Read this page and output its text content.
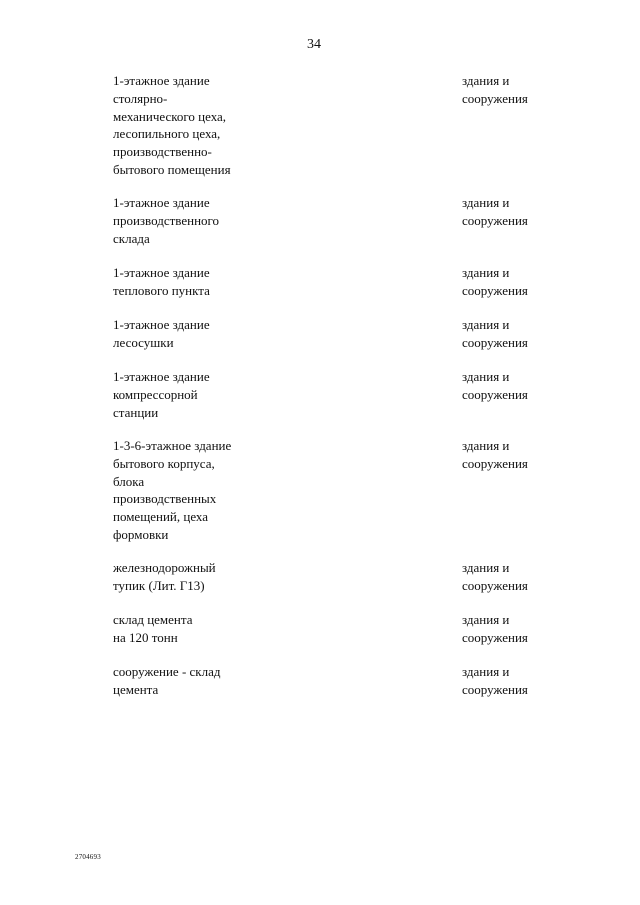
34
1-этажное здание
столярно-
механического цеха,
лесопильного цеха,
производственно-
бытового помещения
здания и
сооружения
1-этажное здание
производственного
склада
здания и
сооружения
1-этажное здание
теплового пункта
здания и
сооружения
1-этажное здание
лесосушки
здания и
сооружения
1-этажное здание
компрессорной
станции
здания и
сооружения
1-3-6-этажное здание
бытового корпуса,
блока
производственных
помещений, цеха
формовки
здания и
сооружения
железнодорожный
тупик (Лит. Г13)
здания и
сооружения
склад цемента
на 120 тонн
здания и
сооружения
сооружение - склад
цемента
здания и
сооружения
2704693
